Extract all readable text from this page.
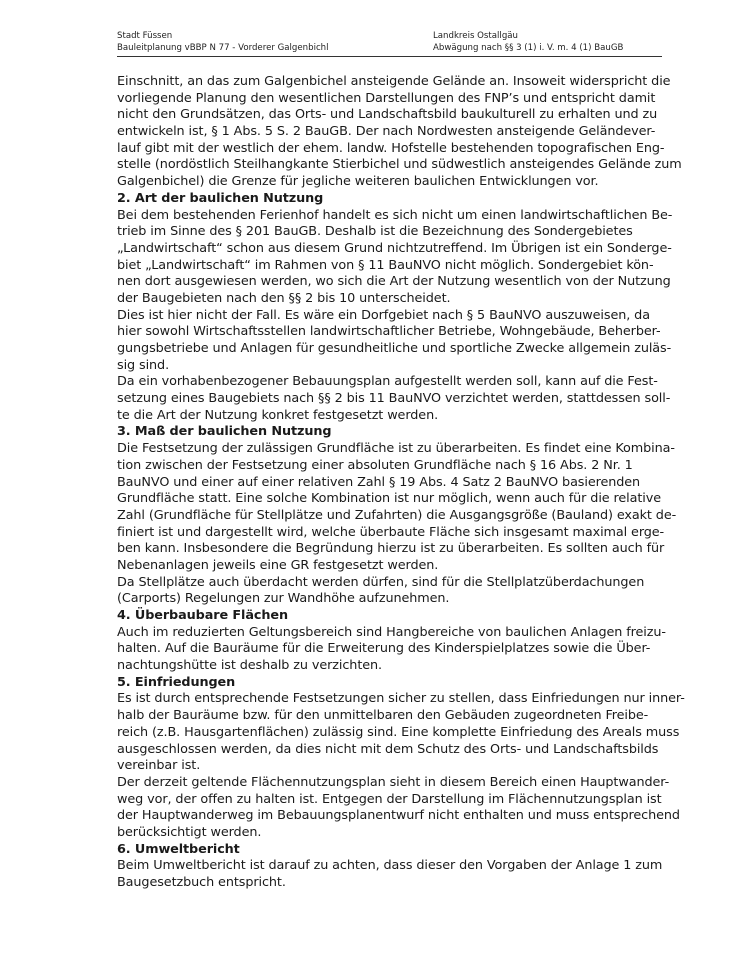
Stadt Füssen
Bauleitplanung vBBP N 77 - Vorderer Galgenbichl
Landkreis Ostallgäu
Abwägung nach §§ 3 (1) i. V. m. 4 (1) BauGB
Einschnitt, an das zum Galgenbichel ansteigende Gelände an. Insoweit widerspricht die
vorliegende Planung den wesentlichen Darstellungen des FNP’s und entspricht damit
nicht den Grundsätzen, das Orts- und Landschaftsbild baukulturell zu erhalten und zu
entwickeln ist, § 1 Abs. 5 S. 2 BauGB. Der nach Nordwesten ansteigende Geländever-
lauf gibt mit der westlich der ehem. landw. Hofstelle bestehenden topografischen Eng-
stelle (nordöstlich Steilhangkante Stierbichel und südwestlich ansteigendes Gelände zum
Galgenbichel) die Grenze für jegliche weiteren baulichen Entwicklungen vor.
2. Art der baulichen Nutzung
Bei dem bestehenden Ferienhof handelt es sich nicht um einen landwirtschaftlichen Be-
trieb im Sinne des § 201 BauGB. Deshalb ist die Bezeichnung des Sondergebietes
„Landwirtschaft“ schon aus diesem Grund nichtzutreffend. Im Übrigen ist ein Sonderge-
biet „Landwirtschaft“ im Rahmen von § 11 BauNVO nicht möglich. Sondergebiet kön-
nen dort ausgewiesen werden, wo sich die Art der Nutzung wesentlich von der Nutzung
der Baugebieten nach den §§ 2 bis 10 unterscheidet.
Dies ist hier nicht der Fall. Es wäre ein Dorfgebiet nach § 5 BauNVO auszuweisen, da
hier sowohl Wirtschaftsstellen landwirtschaftlicher Betriebe, Wohngebäude, Beherber-
gungsbetriebe und Anlagen für gesundheitliche und sportliche Zwecke allgemein zuläs-
sig sind.
Da ein vorhabenbezogener Bebauungsplan aufgestellt werden soll, kann auf die Fest-
setzung eines Baugebiets nach §§ 2 bis 11 BauNVO verzichtet werden, stattdessen soll-
te die Art der Nutzung konkret festgesetzt werden.
3. Maß der baulichen Nutzung
Die Festsetzung der zulässigen Grundfläche ist zu überarbeiten. Es findet eine Kombina-
tion zwischen der Festsetzung einer absoluten Grundfläche nach § 16 Abs. 2 Nr. 1
BauNVO und einer auf einer relativen Zahl § 19 Abs. 4 Satz 2 BauNVO basierenden
Grundfläche statt. Eine solche Kombination ist nur möglich, wenn auch für die relative
Zahl (Grundfläche für Stellplätze und Zufahrten) die Ausgangsgröße (Bauland) exakt de-
finiert ist und dargestellt wird, welche überbaute Fläche sich insgesamt maximal erge-
ben kann. Insbesondere die Begründung hierzu ist zu überarbeiten. Es sollten auch für
Nebenanlagen jeweils eine GR festgesetzt werden.
Da Stellplätze auch überdacht werden dürfen, sind für die Stellplatzüberdachungen
(Carports) Regelungen zur Wandhöhe aufzunehmen.
4. Überbaubare Flächen
Auch im reduzierten Geltungsbereich sind Hangbereiche von baulichen Anlagen freizu-
halten. Auf die Bauräume für die Erweiterung des Kinderspielplatzes sowie die Über-
nachtungshütte ist deshalb zu verzichten.
5. Einfriedungen
Es ist durch entsprechende Festsetzungen sicher zu stellen, dass Einfriedungen nur inner-
halb der Bauräume bzw. für den unmittelbaren den Gebäuden zugeordneten Freibe-
reich (z.B. Hausgartenflächen) zulässig sind. Eine komplette Einfriedung des Areals muss
ausgeschlossen werden, da dies nicht mit dem Schutz des Orts- und Landschaftsbilds
vereinbar ist.
Der derzeit geltende Flächennutzungsplan sieht in diesem Bereich einen Hauptwander-
weg vor, der offen zu halten ist. Entgegen der Darstellung im Flächennutzungsplan ist
der Hauptwanderweg im Bebauungsplanentwurf nicht enthalten und muss entsprechend
berücksichtigt werden.
6. Umweltbericht
Beim Umweltbericht ist darauf zu achten, dass dieser den Vorgaben der Anlage 1 zum
Baugesetzbuch entspricht.
